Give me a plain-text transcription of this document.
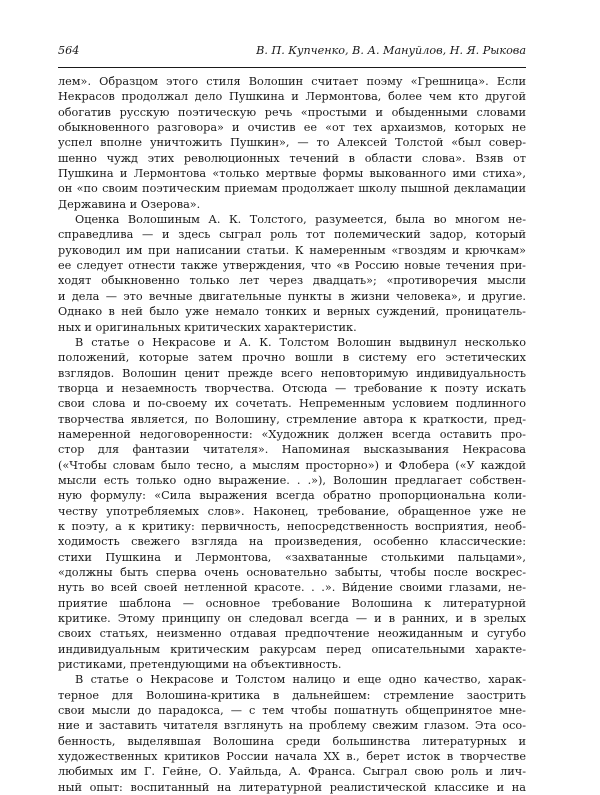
564	В. П. Купченко, В. А. Мануйлов, Н. Я. Рыкова
лем». Образцом этого стиля Волошин считает поэму «Грешница». Если
Некрасов продолжал дело Пушкина и Лермонтова, более чем кто другой
обогатив русскую поэтическую речь «простыми и обыденными словами
обыкновенного разговора» и очистив ее «от тех архаизмов, которых не
успел вполне уничтожить Пушкин», — то Алексей Толстой «был совер-
шенно чужд этих революционных течений в области слова». Взяв от
Пушкина и Лермонтова «только мертвые формы выкованного ими стиха»,
он «по своим поэтическим приемам продолжает школу пышной декламации
Державина и Озерова».
Оценка Волошиным А. К. Толстого, разумеется, была во многом не-
справедлива — и здесь сыграл роль тот полемический задор, который
руководил им при написании статьи. К намеренным «гвоздям и крючкам»
ее следует отнести также утверждения, что «в Россию новые течения при-
ходят обыкновенно только лет через двадцать»; «противоречия мысли
и дела — это вечные двигательные пункты в жизни человека», и другие.
Однако в ней было уже немало тонких и верных суждений, проницатель-
ных и оригинальных критических характеристик.
В статье о Некрасове и А. К. Толстом Волошин выдвинул несколько
положений, которые затем прочно вошли в систему его эстетических
взглядов. Волошин ценит прежде всего неповторимую индивидуальность
творца и незаемность творчества. Отсюда — требование к поэту искать
свои слова и по-своему их сочетать. Непременным условием подлинного
творчества является, по Волошину, стремление автора к краткости, пред-
намеренной недоговоренности: «Художник должен всегда оставить про-
стор для фантазии читателя». Напоминая высказывания Некрасова
(«Чтобы словам было тесно, а мыслям просторно») и Флобера («У каждой
мысли есть только одно выражение. . .»), Волошин предлагает собствен-
ную формулу: «Сила выражения всегда обратно пропорциональна коли-
честву употребляемых слов». Наконец, требование, обращенное уже не
к поэту, а к критику: первичность, непосредственность восприятия, необ-
ходимость свежего взгляда на произведения, особенно классические:
стихи Пушкина и Лермонтова, «захватанные столькими пальцами»,
«должны быть сперва очень основательно забыты, чтобы после воскрес-
нуть во всей своей нетленной красоте. . .». Ви́дение своими глазами, не-
приятие шаблона — основное требование Волошина к литературной
критике. Этому принципу он следовал всегда — и в ранних, и в зрелых
своих статьях, неизменно отдавая предпочтение неожиданным и сугубо
индивидуальным критическим ракурсам перед описательными характе-
ристиками, претендующими на объективность.
В статье о Некрасове и Толстом налицо и еще одно качество, харак-
терное для Волошина-критика в дальнейшем: стремление заострить
свои мысли до парадокса, — с тем чтобы пошатнуть общепринятое мне-
ние и заставить читателя взглянуть на проблему свежим глазом. Эта осо-
бенность, выделявшая Волошина среди большинства литературных и
художественных критиков России начала XX в., берет исток в творчестве
любимых им Г. Гейне, О. Уайльда, А. Франса. Сыграл свою роль и лич-
ный опыт: воспитанный на литературной реалистической классике и на
